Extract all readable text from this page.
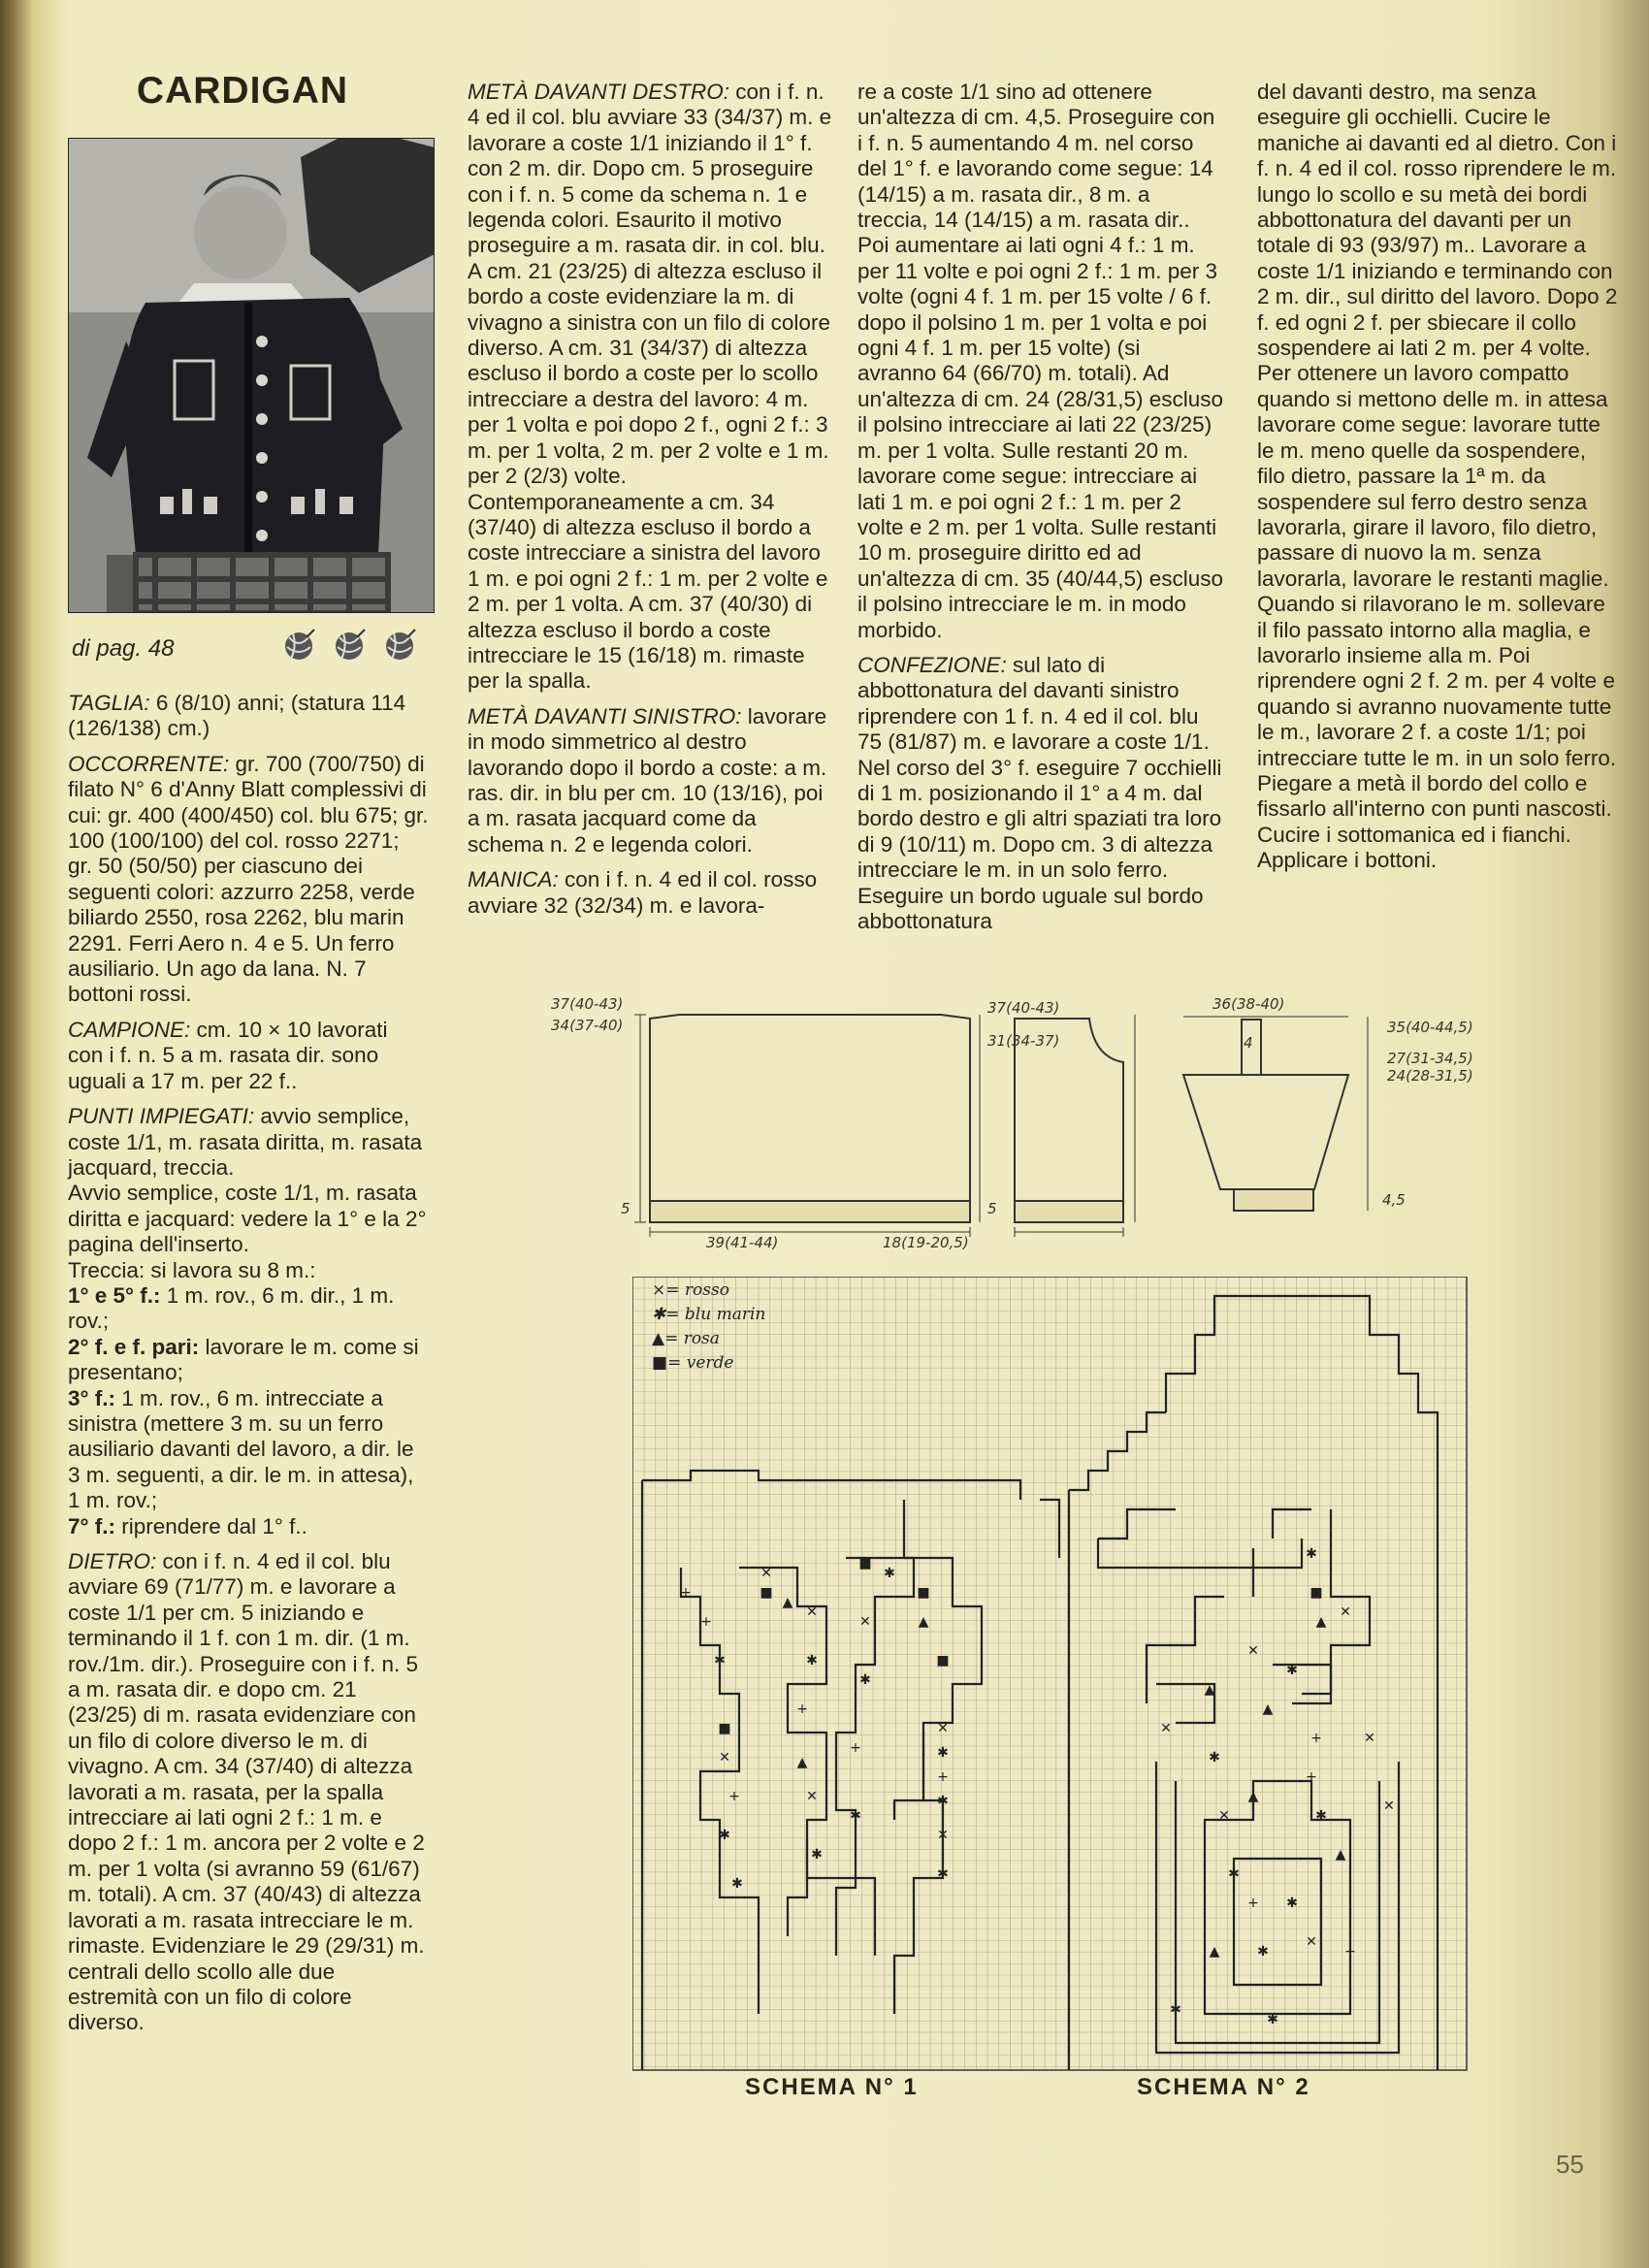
CARDIGAN
di pag. 48

TAGLIA: 6 (8/10) anni; (statura 114 (126/138) cm.)

OCCORRENTE: gr. 700 (700/750) di filato N° 6 d'Anny Blatt complessivi di cui: gr. 400 (400/450) col. blu 675; gr. 100 (100/100) del col. rosso 2271; gr. 50 (50/50) per ciascuno dei seguenti colori: azzurro 2258, verde biliardo 2550, rosa 2262, blu marin 2291. Ferri Aero n. 4 e 5. Un ferro ausiliario. Un ago da lana. N. 7 bottoni rossi.

CAMPIONE: cm. 10 × 10 lavorati con i f. n. 5 a m. rasata dir. sono uguali a 17 m. per 22 f..

PUNTI IMPIEGATI: avvio semplice, coste 1/1, m. rasata diritta, m. rasata jacquard, treccia.

Avvio semplice, coste 1/1, m. rasata diritta e jacquard: vedere la 1° e la 2° pagina dell'inserto.

Treccia: si lavora su 8 m.:

1° e 5° f.: 1 m. rov., 6 m. dir., 1 m. rov.;

2° f. e f. pari: lavorare le m. come si presentano;

3° f.: 1 m. rov., 6 m. intrecciate a sinistra (mettere 3 m. su un ferro ausiliario davanti del lavoro, a dir. le 3 m. seguenti, a dir. le m. in attesa), 1 m. rov.;

7° f.: riprendere dal 1° f..

DIETRO: con i f. n. 4 ed il col. blu avviare 69 (71/77) m. e lavorare a coste 1/1 per cm. 5 iniziando e terminando il 1 f. con 1 m. dir. (1 m. rov./1m. dir.). Proseguire con i f. n. 5 a m. rasata dir. e dopo cm. 21 (23/25) di m. rasata evidenziare con un filo di colore diverso le m. di vivagno. A cm. 34 (37/40) di altezza lavorati a m. rasata, per la spalla intrecciare ai lati ogni 2 f.: 1 m. e dopo 2 f.: 1 m. ancora per 2 volte e 2 m. per 1 volta (si avranno 59 (61/67) m. totali). A cm. 37 (40/43) di altezza lavorati a m. rasata intrecciare le m. rimaste. Evidenziare le 29 (29/31) m. centrali dello scollo alle due estremità con un filo di colore diverso.

METÀ DAVANTI DESTRO: con i f. n. 4 ed il col. blu avviare 33 (34/37) m. e lavorare a coste 1/1 iniziando il 1° f. con 2 m. dir. Dopo cm. 5 proseguire con i f. n. 5 come da schema n. 1 e legenda colori. Esaurito il motivo proseguire a m. rasata dir. in col. blu. A cm. 21 (23/25) di altezza escluso il bordo a coste evidenziare la m. di vivagno a sinistra con un filo di colore diverso. A cm. 31 (34/37) di altezza escluso il bordo a coste per lo scollo intrecciare a destra del lavoro: 4 m. per 1 volta e poi dopo 2 f., ogni 2 f.: 3 m. per 1 volta, 2 m. per 2 volte e 1 m. per 2 (2/3) volte. Contemporaneamente a cm. 34 (37/40) di altezza escluso il bordo a coste intrecciare a sinistra del lavoro 1 m. e poi ogni 2 f.: 1 m. per 2 volte e 2 m. per 1 volta. A cm. 37 (40/30) di altezza escluso il bordo a coste intrecciare le 15 (16/18) m. rimaste per la spalla.

METÀ DAVANTI SINISTRO: lavorare in modo simmetrico al destro lavorando dopo il bordo a coste: a m. ras. dir. in blu per cm. 10 (13/16), poi a m. rasata jacquard come da schema n. 2 e legenda colori.

MANICA: con i f. n. 4 ed il col. rosso avviare 32 (32/34) m. e lavora-

re a coste 1/1 sino ad ottenere un'altezza di cm. 4,5. Proseguire con i f. n. 5 aumentando 4 m. nel corso del 1° f. e lavorando come segue: 14 (14/15) a m. rasata dir., 8 m. a treccia, 14 (14/15) a m. rasata dir.. Poi aumentare ai lati ogni 4 f.: 1 m. per 11 volte e poi ogni 2 f.: 1 m. per 3 volte (ogni 4 f. 1 m. per 15 volte / 6 f. dopo il polsino 1 m. per 1 volta e poi ogni 4 f. 1 m. per 15 volte) (si avranno 64 (66/70) m. totali). Ad un'altezza di cm. 24 (28/31,5) escluso il polsino intrecciare ai lati 22 (23/25) m. per 1 volta. Sulle restanti 20 m. lavorare come segue: intrecciare ai lati 1 m. e poi ogni 2 f.: 1 m. per 2 volte e 2 m. per 1 volta. Sulle restanti 10 m. proseguire diritto ed ad un'altezza di cm. 35 (40/44,5) escluso il polsino intrecciare le m. in modo morbido.

CONFEZIONE: sul lato di abbottonatura del davanti sinistro riprendere con 1 f. n. 4 ed il col. blu 75 (81/87) m. e lavorare a coste 1/1. Nel corso del 3° f. eseguire 7 occhielli di 1 m. posizionando il 1° a 4 m. dal bordo destro e gli altri spaziati tra loro di 9 (10/11) m. Dopo cm. 3 di altezza intrecciare le m. in un solo ferro. Eseguire un bordo uguale sul bordo abbottonatura

del davanti destro, ma senza eseguire gli occhielli. Cucire le maniche ai davanti ed al dietro. Con i f. n. 4 ed il col. rosso riprendere le m. lungo lo scollo e su metà dei bordi abbottonatura del davanti per un totale di 93 (93/97) m.. Lavorare a coste 1/1 iniziando e terminando con 2 m. dir., sul diritto del lavoro. Dopo 2 f. ed ogni 2 f. per sbiecare il collo sospendere ai lati 2 m. per 4 volte. Per ottenere un lavoro compatto quando si mettono delle m. in attesa lavorare come segue: lavorare tutte le m. meno quelle da sospendere, filo dietro, passare la 1ª m. da sospendere sul ferro destro senza lavorarla, girare il lavoro, filo dietro, passare di nuovo la m. senza lavorarla, lavorare le restanti maglie. Quando si rilavorano le m. sollevare il filo passato intorno alla maglia, e lavorarlo insieme alla m. Poi riprendere ogni 2 f. 2 m. per 4 volte e quando si avranno nuovamente tutte le m., lavorare 2 f. a coste 1/1; poi intrecciare tutte le m. in un solo ferro. Piegare a metà il bordo del collo e fissarlo all'interno con punti nascosti. Cucire i sottomanica ed i fianchi. Applicare i bottoni.

37(40-43)
34(37-40)
5
39(41-44)
37(40-43)
31(34-37)
5
18(19-20,5)
36(38-40)
4
35(40-44,5)
27(31-34,5)
24(28-31,5)
4,5
+
+
✱
✕
■
▲
✕
✱
+
▲
✕
✱
■
✱
✕
✱
+
✱
■
▲
■
✕
✱
+
✱
✕
✱
■
✕
+
✱
✱
✕
▲
✕
▲
✱
■
▲
✕
✱
+
✱
✕
▲
+
✱
▲
✕
✱
+ ✱
✕
▲	✱
✱
+
✱
✕
×= rosso
✱= blu marin
▲= rosa
■= verde
SCHEMA N° 1	SCHEMA N° 2
55
